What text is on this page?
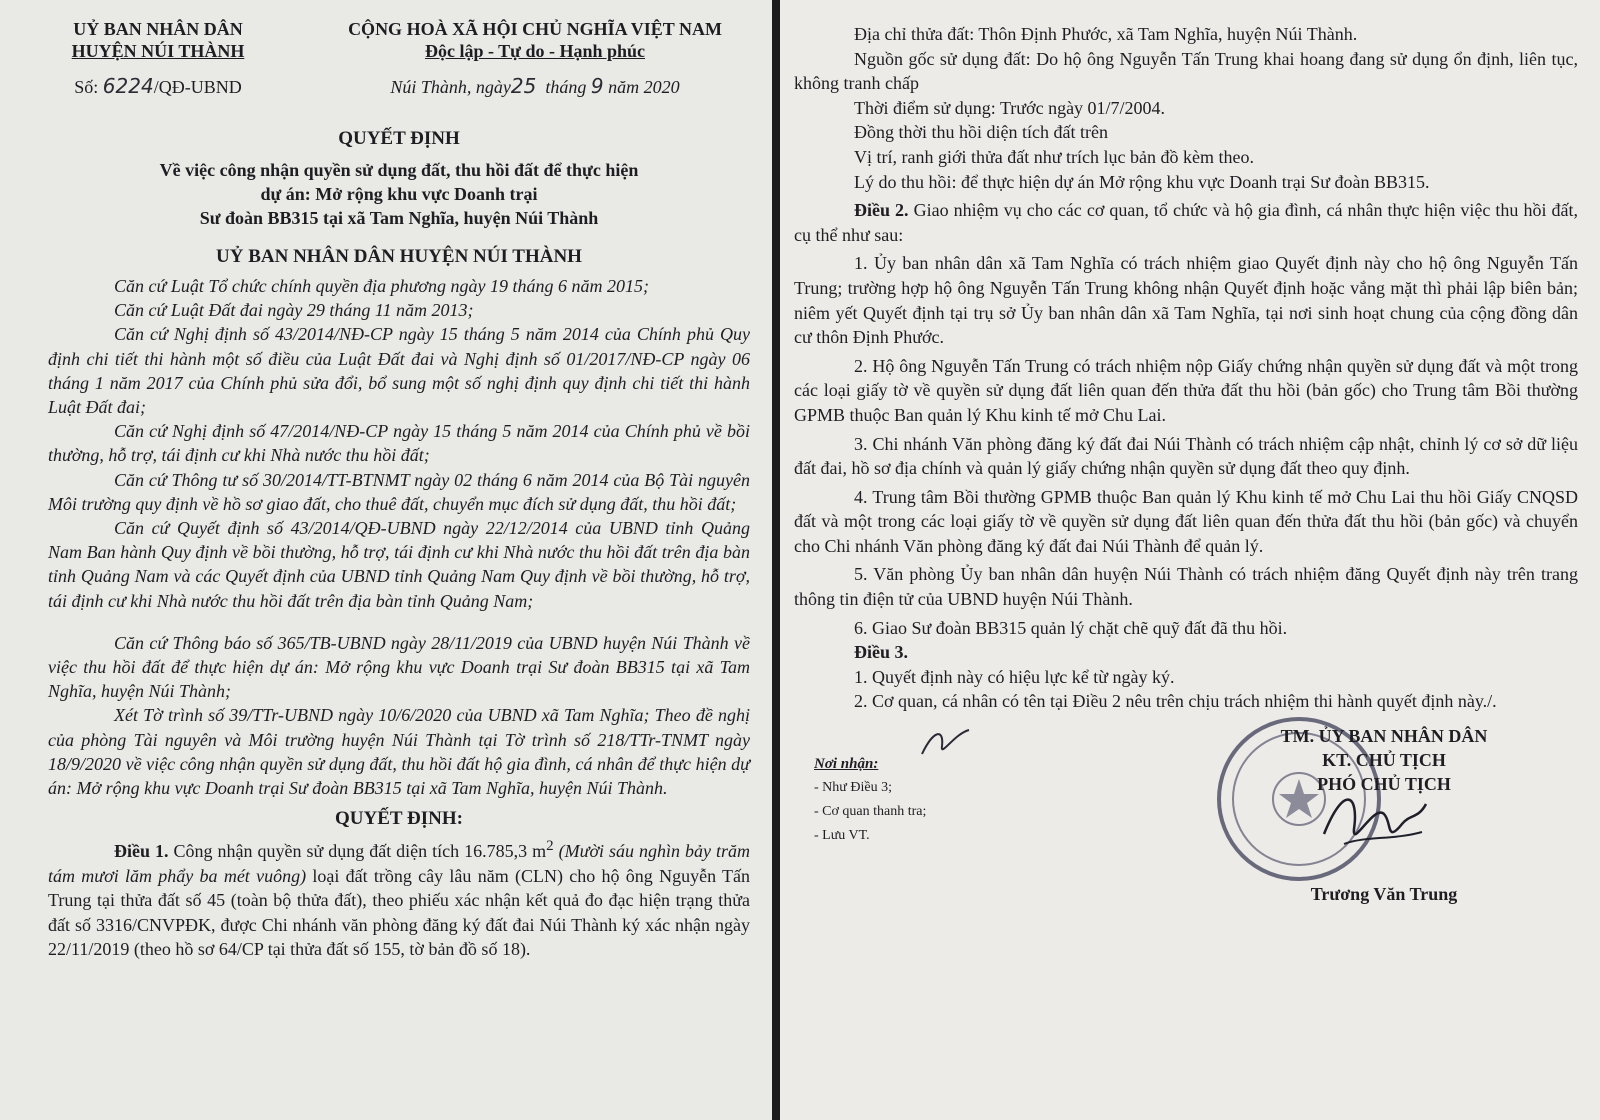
UỶ BAN NHÂN DÂN
HUYỆN NÚI THÀNH
CỘNG HOÀ XÃ HỘI CHỦ NGHĨA VIỆT NAM
Độc lập - Tự do - Hạnh phúc
Số: 6224/QĐ-UBND	Núi Thành, ngày25 tháng 9 năm 2020
QUYẾT ĐỊNH
Về việc công nhận quyền sử dụng đất, thu hồi đất để thực hiện
dự án: Mở rộng khu vực Doanh trại
Sư đoàn BB315 tại xã Tam Nghĩa, huyện Núi Thành
UỶ BAN NHÂN DÂN HUYỆN NÚI THÀNH

Căn cứ Luật Tổ chức chính quyền địa phương ngày 19 tháng 6 năm 2015;

Căn cứ Luật Đất đai ngày 29 tháng 11 năm 2013;

Căn cứ Nghị định số 43/2014/NĐ-CP ngày 15 tháng 5 năm 2014 của Chính phủ Quy định chi tiết thi hành một số điều của Luật Đất đai và Nghị định số 01/2017/NĐ-CP ngày 06 tháng 1 năm 2017 của Chính phủ sửa đổi, bổ sung một số nghị định quy định chi tiết thi hành Luật Đất đai;

Căn cứ Nghị định số 47/2014/NĐ-CP ngày 15 tháng 5 năm 2014 của Chính phủ về bồi thường, hỗ trợ, tái định cư khi Nhà nước thu hồi đất;

Căn cứ Thông tư số 30/2014/TT-BTNMT ngày 02 tháng 6 năm 2014 của Bộ Tài nguyên Môi trường quy định về hồ sơ giao đất, cho thuê đất, chuyển mục đích sử dụng đất, thu hồi đất;

Căn cứ Quyết định số 43/2014/QĐ-UBND ngày 22/12/2014 của UBND tỉnh Quảng Nam Ban hành Quy định về bồi thường, hỗ trợ, tái định cư khi Nhà nước thu hồi đất trên địa bàn tỉnh Quảng Nam và các Quyết định của UBND tỉnh Quảng Nam Quy định về bồi thường, hỗ trợ, tái định cư khi Nhà nước thu hồi đất trên địa bàn tỉnh Quảng Nam;

Căn cứ Thông báo số 365/TB-UBND ngày 28/11/2019 của UBND huyện Núi Thành về việc thu hồi đất để thực hiện dự án: Mở rộng khu vực Doanh trại Sư đoàn BB315 tại xã Tam Nghĩa, huyện Núi Thành;

Xét Tờ trình số 39/TTr-UBND ngày 10/6/2020 của UBND xã Tam Nghĩa; Theo đề nghị của phòng Tài nguyên và Môi trường huyện Núi Thành tại Tờ trình số 218/TTr-TNMT ngày 18/9/2020 về việc công nhận quyền sử dụng đất, thu hồi đất hộ gia đình, cá nhân để thực hiện dự án: Mở rộng khu vực Doanh trại Sư đoàn BB315 tại xã Tam Nghĩa, huyện Núi Thành.

QUYẾT ĐỊNH:

Điều 1. Công nhận quyền sử dụng đất diện tích 16.785,3 $m^2$ (Mười sáu nghìn bảy trăm tám mươi lăm phẩy ba mét vuông) loại đất trồng cây lâu năm (CLN) cho hộ ông Nguyễn Tấn Trung tại thửa đất số 45 (toàn bộ thửa đất), theo phiếu xác nhận kết quả đo đạc hiện trạng thửa đất số 3316/CNVPĐK, được Chi nhánh văn phòng đăng ký đất đai Núi Thành ký xác nhận ngày 22/11/2019 (theo hồ sơ 64/CP tại thửa đất số 155, tờ bản đồ số 18).

Địa chỉ thửa đất: Thôn Định Phước, xã Tam Nghĩa, huyện Núi Thành.

Nguồn gốc sử dụng đất: Do hộ ông Nguyễn Tấn Trung khai hoang đang sử dụng ổn định, liên tục, không tranh chấp

Thời điểm sử dụng: Trước ngày 01/7/2004.

Đồng thời thu hồi diện tích đất trên

Vị trí, ranh giới thửa đất như trích lục bản đồ kèm theo.

Lý do thu hồi: để thực hiện dự án Mở rộng khu vực Doanh trại Sư đoàn BB315.

Điều 2. Giao nhiệm vụ cho các cơ quan, tổ chức và hộ gia đình, cá nhân thực hiện việc thu hồi đất, cụ thể như sau:

1. Ủy ban nhân dân xã Tam Nghĩa có trách nhiệm giao Quyết định này cho hộ ông Nguyễn Tấn Trung; trường hợp hộ ông Nguyễn Tấn Trung không nhận Quyết định hoặc vắng mặt thì phải lập biên bản; niêm yết Quyết định tại trụ sở Ủy ban nhân dân xã Tam Nghĩa, tại nơi sinh hoạt chung của cộng đồng dân cư thôn Định Phước.

2. Hộ ông Nguyễn Tấn Trung có trách nhiệm nộp Giấy chứng nhận quyền sử dụng đất và một trong các loại giấy tờ về quyền sử dụng đất liên quan đến thửa đất thu hồi (bản gốc) cho Trung tâm Bồi thường GPMB thuộc Ban quản lý Khu kinh tế mở Chu Lai.

3. Chi nhánh Văn phòng đăng ký đất đai Núi Thành có trách nhiệm cập nhật, chỉnh lý cơ sở dữ liệu đất đai, hồ sơ địa chính và quản lý giấy chứng nhận quyền sử dụng đất theo quy định.

4. Trung tâm Bồi thường GPMB thuộc Ban quản lý Khu kinh tế mở Chu Lai thu hồi Giấy CNQSD đất và một trong các loại giấy tờ về quyền sử dụng đất liên quan đến thửa đất thu hồi (bản gốc) và chuyển cho Chi nhánh Văn phòng đăng ký đất đai Núi Thành để quản lý.

5. Văn phòng Ủy ban nhân dân huyện Núi Thành có trách nhiệm đăng Quyết định này trên trang thông tin điện tử của UBND huyện Núi Thành.

6. Giao Sư đoàn BB315 quản lý chặt chẽ quỹ đất đã thu hồi.

Điều 3.

1. Quyết định này có hiệu lực kể từ ngày ký.

2. Cơ quan, cá nhân có tên tại Điều 2 nêu trên chịu trách nhiệm thi hành quyết định này./.

Nơi nhận:
- Như Điều 3;
- Cơ quan thanh tra;
- Lưu VT.
TM. ỦY BAN NHÂN DÂN
KT. CHỦ TỊCH
PHÓ CHỦ TỊCH
Trương Văn Trung
